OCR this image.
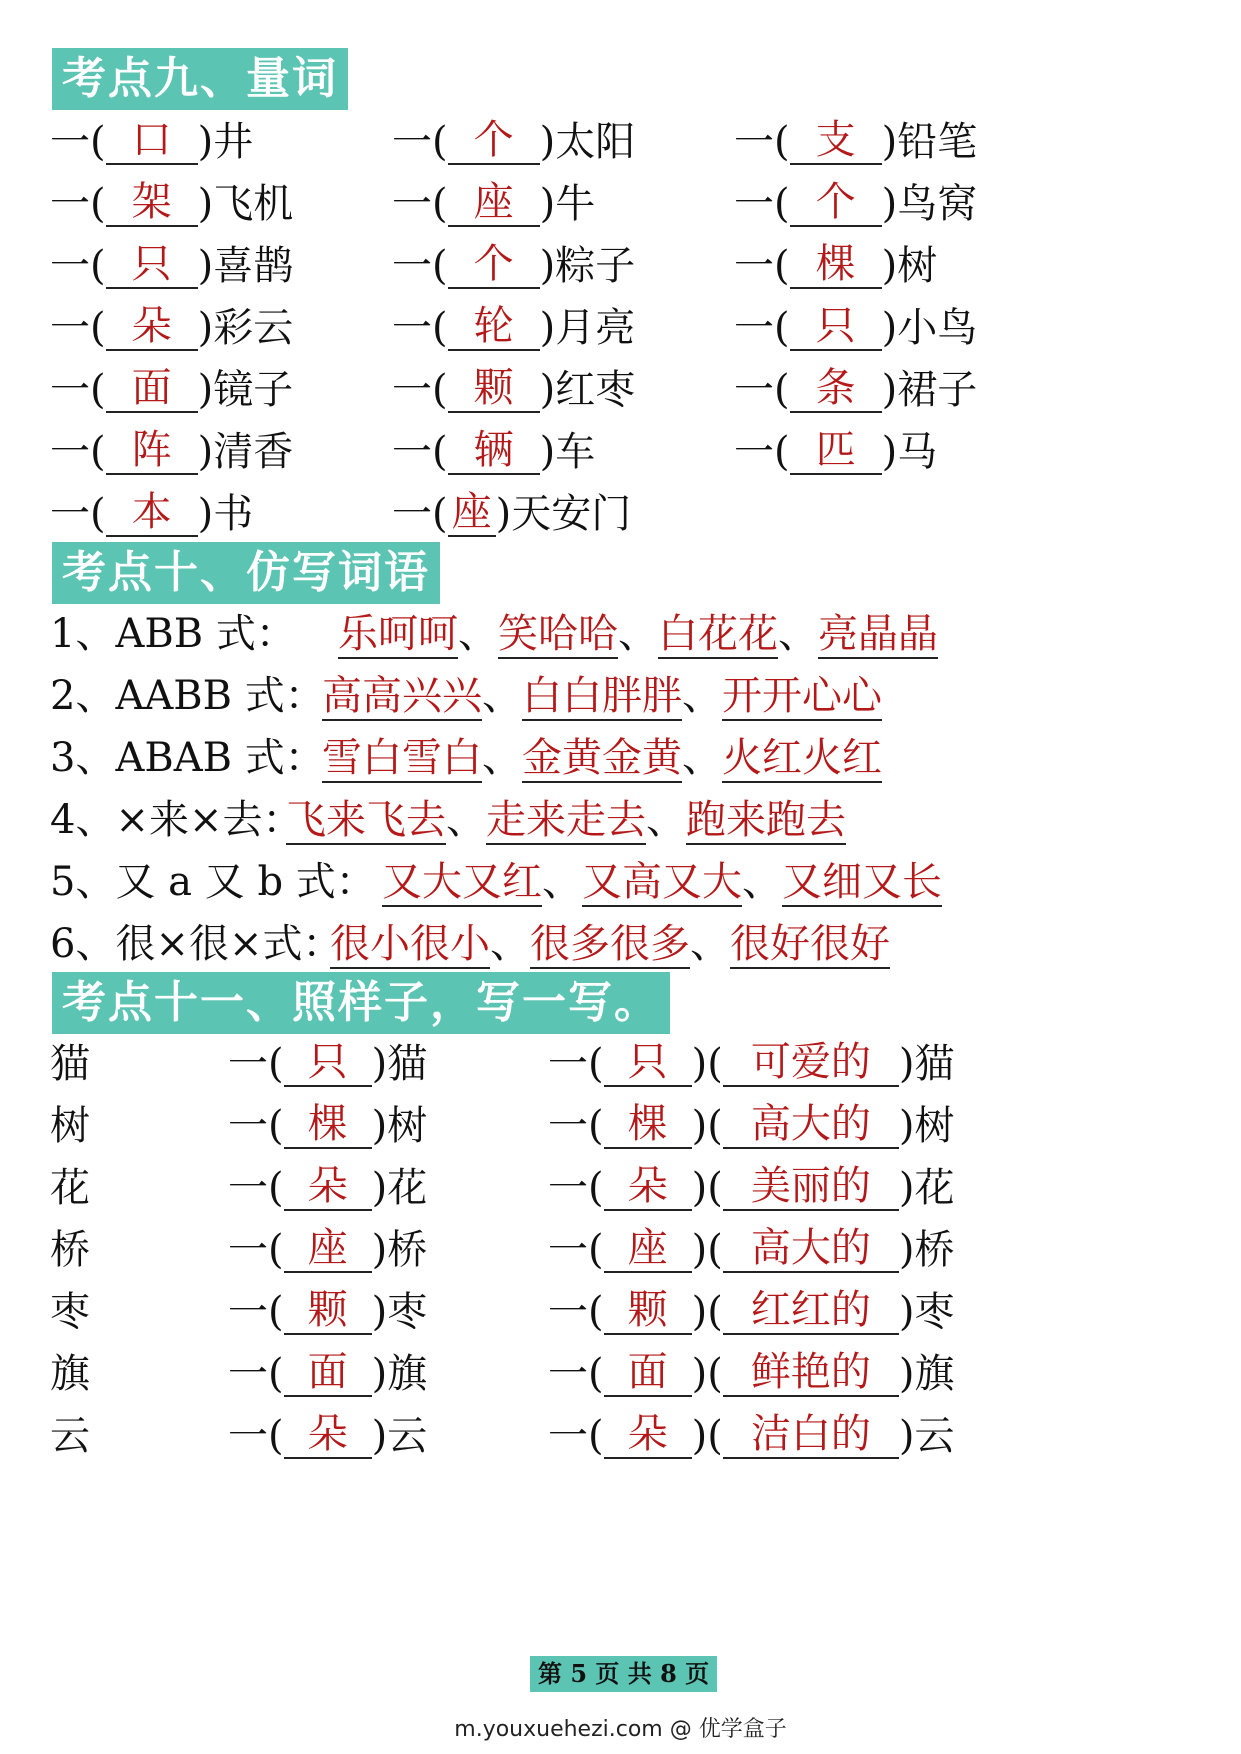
考点九、量词
一( 口 )井	一( 个 )太阳 一( 支 )铅笔
一( 架 )飞机 一( 座 )牛	一( 个 )鸟窝
一( 只 )喜鹊 一( 个 )粽子 一( 棵 )树
一( 朵 )彩云 一( 轮 )月亮 一( 只 )小鸟
一( 面 )镜子 一( 颗 )红枣 一( 条 )裙子
一( 阵 )清香 一( 辆 )车	一( 匹 )马
一( 本 )书	一( 座 )天安门
考点十、仿写词语
1、ABB 式： 乐呵呵、笑哈哈、白花花、亮晶晶
2、AABB 式：
高高兴兴、白白胖胖、开开心心
3、ABAB 式：
雪白雪白、金黄金黄、火红火红
4、×来×去：
飞来飞去、走来走去、跑来跑去
5、又 a 又 b 式： 又大又红、又高又大、又细又长
6、很×很×式：
很小很小、很多很多、很好很好
考点十一、照样子，写一写。
猫	一( 只 )猫	一( 只 )( 可爱的 )猫
树	一( 棵 )树	一( 棵 )( 高大的 )树
花	一( 朵 )花	一( 朵 )( 美丽的 )花
桥	一( 座 )桥	一( 座 )( 高大的 )桥
枣	一( 颗 )枣	一( 颗 )( 红红的 )枣
旗	一( 面 )旗	一( 面 )( 鲜艳的 )旗
云	一( 朵 )云	一( 朵 )( 洁白的 )云
第 5 页 共 8 页
m.youxuehezi.com @ 优学盒子
